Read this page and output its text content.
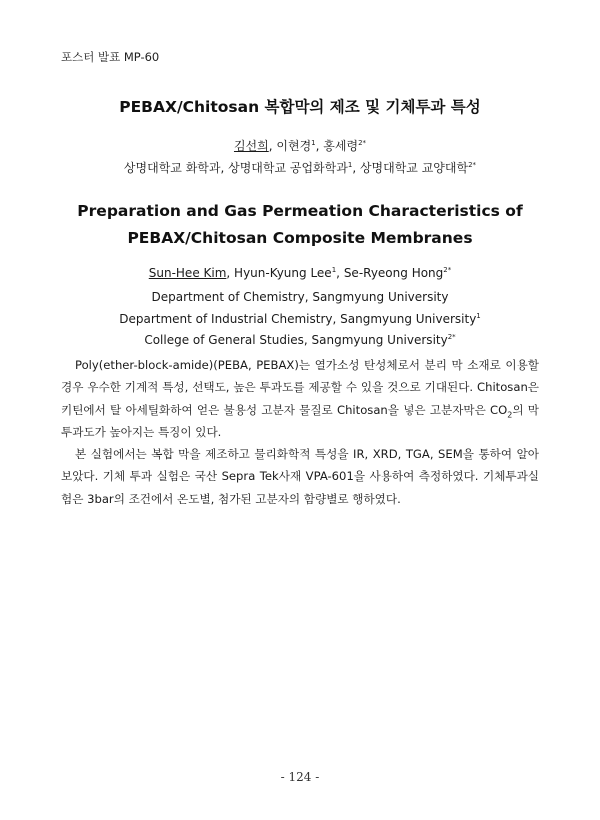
포스터 발표 MP-60
PEBAX/Chitosan 복합막의 제조 및 기체투과 특성
김선희, 이현경$^1$, 홍세령$^{2*}$
상명대학교 화학과, 상명대학교 공업화학과$^1$, 상명대학교 교양대학$^{2*}$
Preparation and Gas Permeation Characteristics of
PEBAX/Chitosan Composite Membranes
Sun-Hee Kim, Hyun-Kyung Lee$^1$, Se-Ryeong Hong$^{2*}$
Department of Chemistry, Sangmyung University
Department of Industrial Chemistry, Sangmyung University$^1$
College of General Studies, Sangmyung University$^{2*}$

Poly(ether-block-amide)(PEBA, PEBAX)는 열가소성 탄성체로서 분리 막 소재로 이용할 경우 우수한 기계적 특성, 선택도, 높은 투과도를 제공할 수 있을 것으로 기대된다. Chitosan은 키틴에서 탈 아세틸화하여 얻은 불용성 고분자 물질로 Chitosan을 넣은 고분자막은 $CO_2$의 막 투과도가 높아지는 특징이 있다.

본 실험에서는 복합 막을 제조하고 물리화학적 특성을 IR, XRD, TGA, SEM을 통하여 알아보았다. 기체 투과 실험은 국산 Sepra Tek사재 VPA-601을 사용하여 측정하였다. 기체투과실험은 3bar의 조건에서 온도별, 첨가된 고분자의 함량별로 행하였다.

- 124 -
